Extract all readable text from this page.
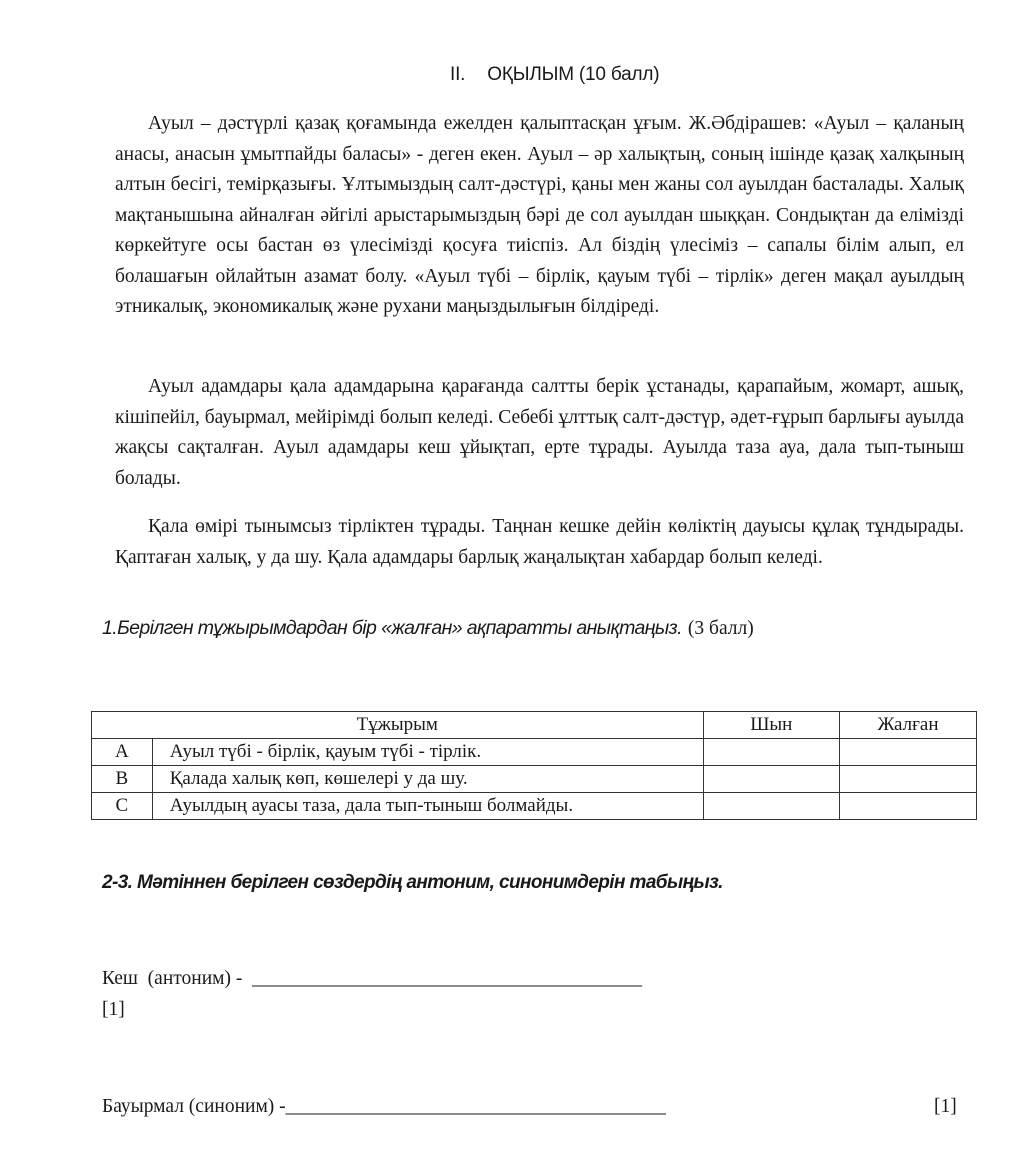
II. ОҚЫЛЫМ (10 балл)

Ауыл – дәстүрлі қазақ қоғамында ежелден қалыптасқан ұғым. Ж.Әбдірашев: «Ауыл – қаланың анасы, анасын ұмытпайды баласы» - деген екен. Ауыл – әр халықтың, соның ішінде қазақ халқының алтын бесігі, темірқазығы. Ұлтымыздың салт-дәстүрі, қаны мен жаны сол ауылдан басталады. Халық мақтанышына айналған әйгілі арыстарымыздың бәрі де сол ауылдан шыққан. Сондықтан да елімізді көркейтуге осы бастан өз үлесімізді қосуға тиіспіз. Ал біздің үлесіміз – сапалы білім алып, ел болашағын ойлайтын азамат болу. «Ауыл түбі – бірлік, қауым түбі – тірлік» деген мақал ауылдың этникалық, экономикалық және рухани маңыздылығын білдіреді.

Ауыл адамдары қала адамдарына қарағанда салтты берік ұстанады, қарапайым, жомарт, ашық, кішіпейіл, бауырмал, мейірімді болып келеді. Себебі ұлттық салт-дәстүр, әдет-ғұрып барлығы ауылда жақсы сақталған. Ауыл адамдары кеш ұйықтап, ерте тұрады. Ауылда таза ауа, дала тып-тыныш болады.

Қала өмірі тынымсыз тірліктен тұрады. Таңнан кешке дейін көліктің дауысы құлақ тұндырады. Қаптаған халық, у да шу. Қала адамдары барлық жаңалықтан хабардар болып келеді.

1.Берілген тұжырымдардан бір «жалған» ақпаратты анықтаңыз. (3 балл)
Тұжырым		Шын	Жалған
A	Ауыл түбі - бірлік, қауым түбі - тірлік.		
B	Қалада халық көп, көшелері у да шу.		
C	Ауылдың ауасы таза, дала тып-тыныш болмайды.		
2-3. Мәтіннен берілген сөздердің антоним, синонимдерін табыңыз.
Кеш  (антоним) -  ________________________________________
[1]
Бауырмал (синоним) -_______________________________________	[1]
